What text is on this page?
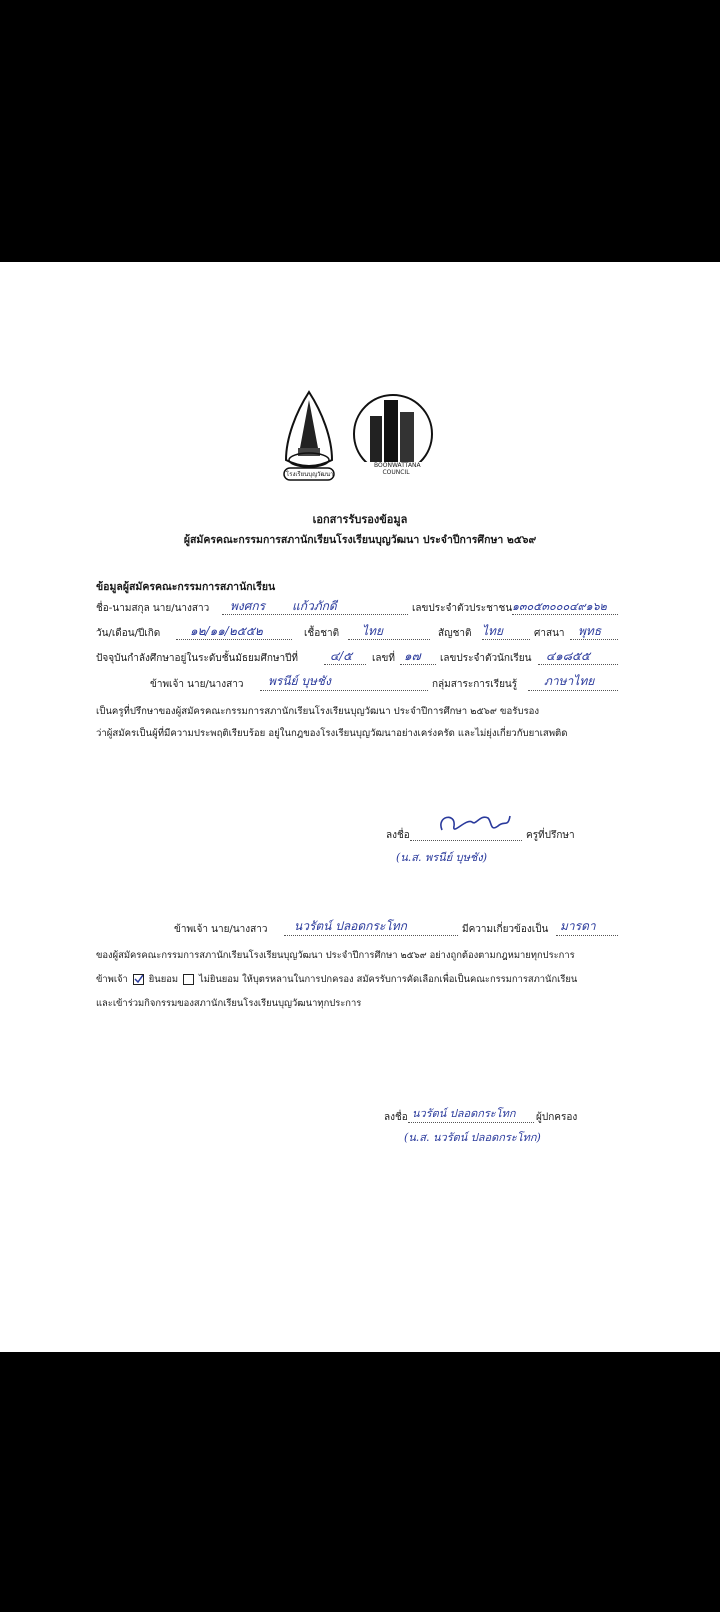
โรงเรียนบุญวัฒนา
BOONWATTANA COUNCIL
เอกสารรับรองข้อมูล
ผู้สมัครคณะกรรมการสภานักเรียนโรงเรียนบุญวัฒนา ประจำปีการศึกษา ๒๕๖๙
ข้อมูลผู้สมัครคณะกรรมการสภานักเรียน
ชื่อ-นามสกุล นาย/นางสาว พงศกร แก้วภักดี	เลขประจำตัวประชาชน ๑๓๐๕๓๐๐๐๔๙๑๖๒
วัน/เดือน/ปีเกิด ๑๒/๑๑/๒๕๕๒	เชื้อชาติ ไทย	สัญชาติ ไทย	ศาสนา พุทธ
ปัจจุบันกำลังศึกษาอยู่ในระดับชั้นมัธยมศึกษาปีที่	๔/๕ เลขที่ ๑๗ เลขประจำตัวนักเรียน ๔๑๘๕๕
ข้าพเจ้า นาย/นางสาว พรนีย์ บุษชัง	กลุ่มสาระการเรียนรู้ ภาษาไทย
เป็นครูที่ปรึกษาของผู้สมัครคณะกรรมการสภานักเรียนโรงเรียนบุญวัฒนา ประจำปีการศึกษา ๒๕๖๙ ขอรับรอง
ว่าผู้สมัครเป็นผู้ที่มีความประพฤติเรียบร้อย อยู่ในกฎของโรงเรียนบุญวัฒนาอย่างเคร่งครัด และไม่ยุ่งเกี่ยวกับยาเสพติด
ลงชื่อ	ครูที่ปรึกษา
(น.ส. พรนีย์ บุษชัง)
ข้าพเจ้า นาย/นางสาว นวรัตน์ ปลอดกระโทก	มีความเกี่ยวข้องเป็น มารดา
ของผู้สมัครคณะกรรมการสภานักเรียนโรงเรียนบุญวัฒนา ประจำปีการศึกษา ๒๕๖๙ อย่างถูกต้องตามกฎหมายทุกประการ
ข้าพเจ้า ยินยอม ไม่ยินยอม ให้บุตรหลานในการปกครอง สมัครรับการคัดเลือกเพื่อเป็นคณะกรรมการสภานักเรียน
และเข้าร่วมกิจกรรมของสภานักเรียนโรงเรียนบุญวัฒนาทุกประการ
ลงชื่อ นวรัตน์ ปลอดกระโทก ผู้ปกครอง
(น.ส. นวรัตน์ ปลอดกระโทก)
